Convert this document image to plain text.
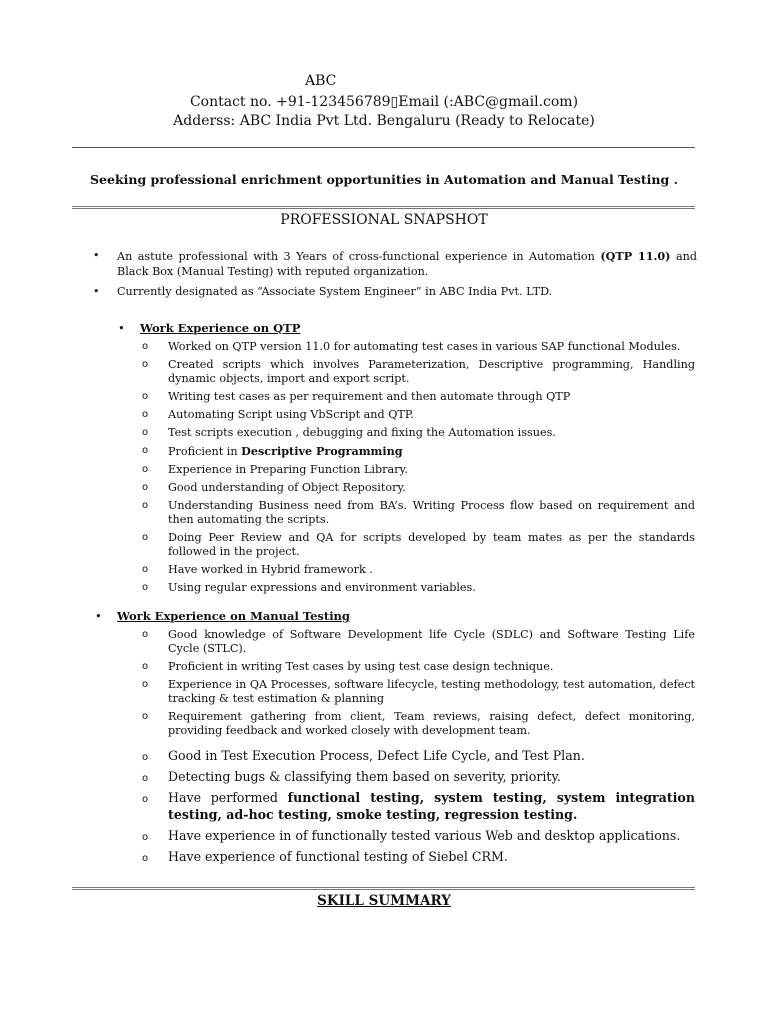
ABC
Contact no. +91-123456789▯Email (:ABC@gmail.com)
Adderss: ABC India Pvt Ltd. Bengaluru (Ready to Relocate)
Seeking professional enrichment opportunities in Automation and Manual Testing .
PROFESSIONAL SNAPSHOT
• An astute professional with 3 Years of cross-functional experience in Automation (QTP 11.0) and Black Box (Manual Testing) with reputed organization.
• Currently designated as “Associate System Engineer” in ABC India Pvt. LTD.
• Work Experience on QTP
o Worked on QTP version 11.0 for automating test cases in various SAP functional Modules.
o Created scripts which involves Parameterization, Descriptive programming, Handling dynamic objects, import and export script.
o Writing test cases as per requirement and then automate through QTP
o Automating Script using VbScript and QTP.
o Test scripts execution , debugging and fixing the Automation issues.
o Proficient in Descriptive Programming
o Experience in Preparing Function Library.
o Good understanding of Object Repository.
o Understanding Business need from BA’s. Writing Process flow based on requirement and then automating the scripts.
o Doing Peer Review and QA for scripts developed by team mates as per the standards followed in the project.
o Have worked in Hybrid framework .
o Using regular expressions and environment variables.
• Work Experience on Manual Testing
o Good knowledge of Software Development life Cycle (SDLC) and Software Testing Life Cycle (STLC).
o Proficient in writing Test cases by using test case design technique.
o Experience in QA Processes, software lifecycle, testing methodology, test automation, defect tracking & test estimation & planning
o Requirement gathering from client, Team reviews, raising defect, defect monitoring, providing feedback and worked closely with development team.
o Good in Test Execution Process, Defect Life Cycle, and Test Plan.
o Detecting bugs & classifying them based on severity, priority.
o Have performed functional testing, system testing, system integration testing, ad-hoc testing, smoke testing, regression testing.
o Have experience in of functionally tested various Web and desktop applications.
o Have experience of functional testing of Siebel CRM.
SKILL SUMMARY
